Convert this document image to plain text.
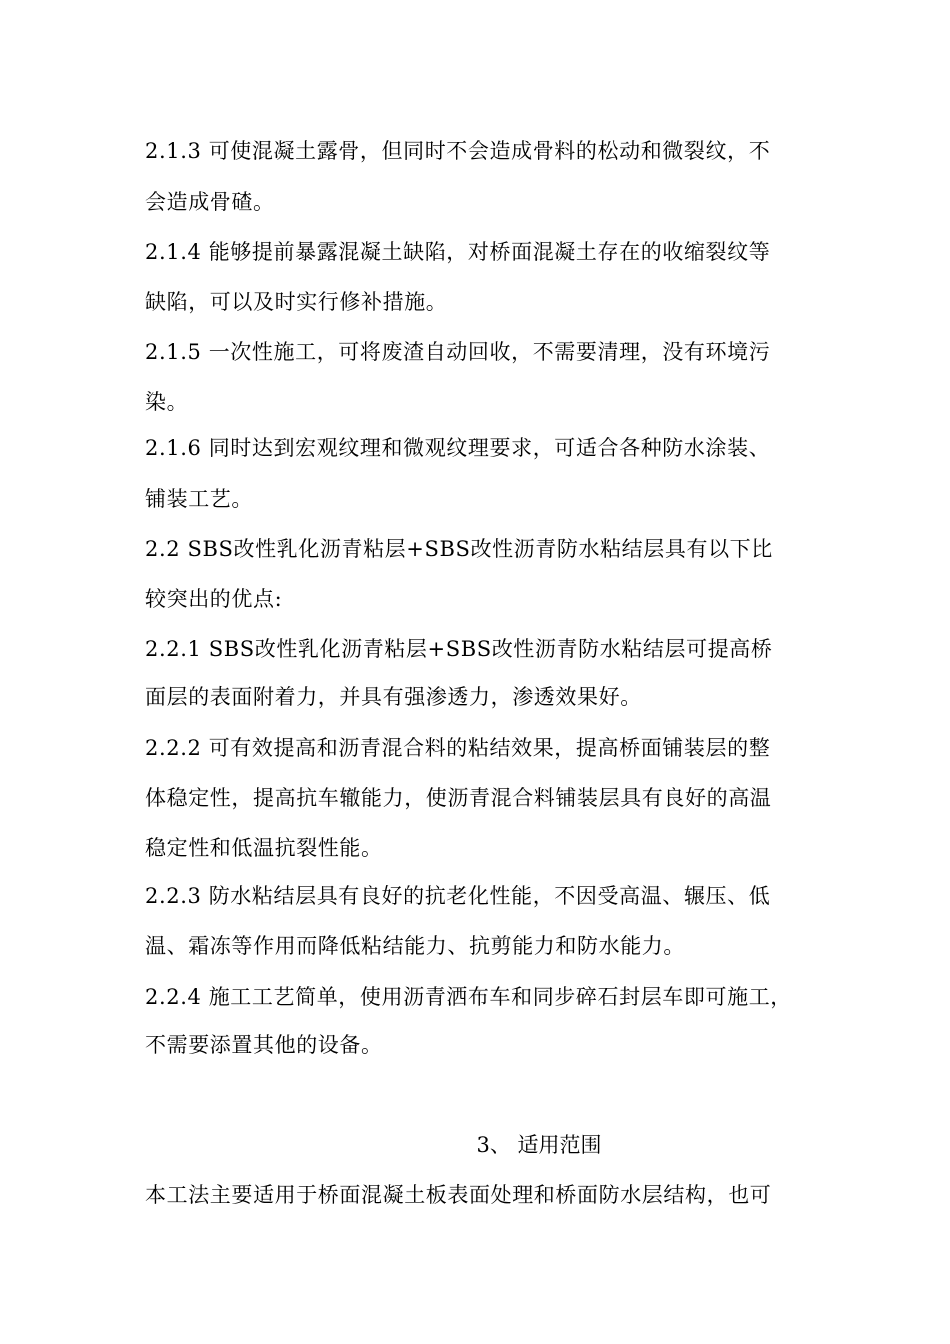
2.1.3 可使混凝土露骨，但同时不会造成骨料的松动和微裂纹，不
会造成骨碴。
2.1.4 能够提前暴露混凝土缺陷，对桥面混凝土存在的收缩裂纹等
缺陷，可以及时实行修补措施。
2.1.5 一次性施工，可将废渣自动回收，不需要清理，没有环境污
染。
2.1.6 同时达到宏观纹理和微观纹理要求，可适合各种防水涂装、
铺装工艺。
2.2 SBS改性乳化沥青粘层+SBS改性沥青防水粘结层具有以下比
较突出的优点:
2.2.1 SBS改性乳化沥青粘层+SBS改性沥青防水粘结层可提高桥
面层的表面附着力，并具有强渗透力，渗透效果好。
2.2.2 可有效提高和沥青混合料的粘结效果，提高桥面铺装层的整
体稳定性，提高抗车辙能力，使沥青混合料铺装层具有良好的高温
稳定性和低温抗裂性能。
2.2.3 防水粘结层具有良好的抗老化性能，不因受高温、辗压、低
温、霜冻等作用而降低粘结能力、抗剪能力和防水能力。
2.2.4 施工工艺简单，使用沥青洒布车和同步碎石封层车即可施工，
不需要添置其他的设备。
3、 适用范围
本工法主要适用于桥面混凝土板表面处理和桥面防水层结构，也可
